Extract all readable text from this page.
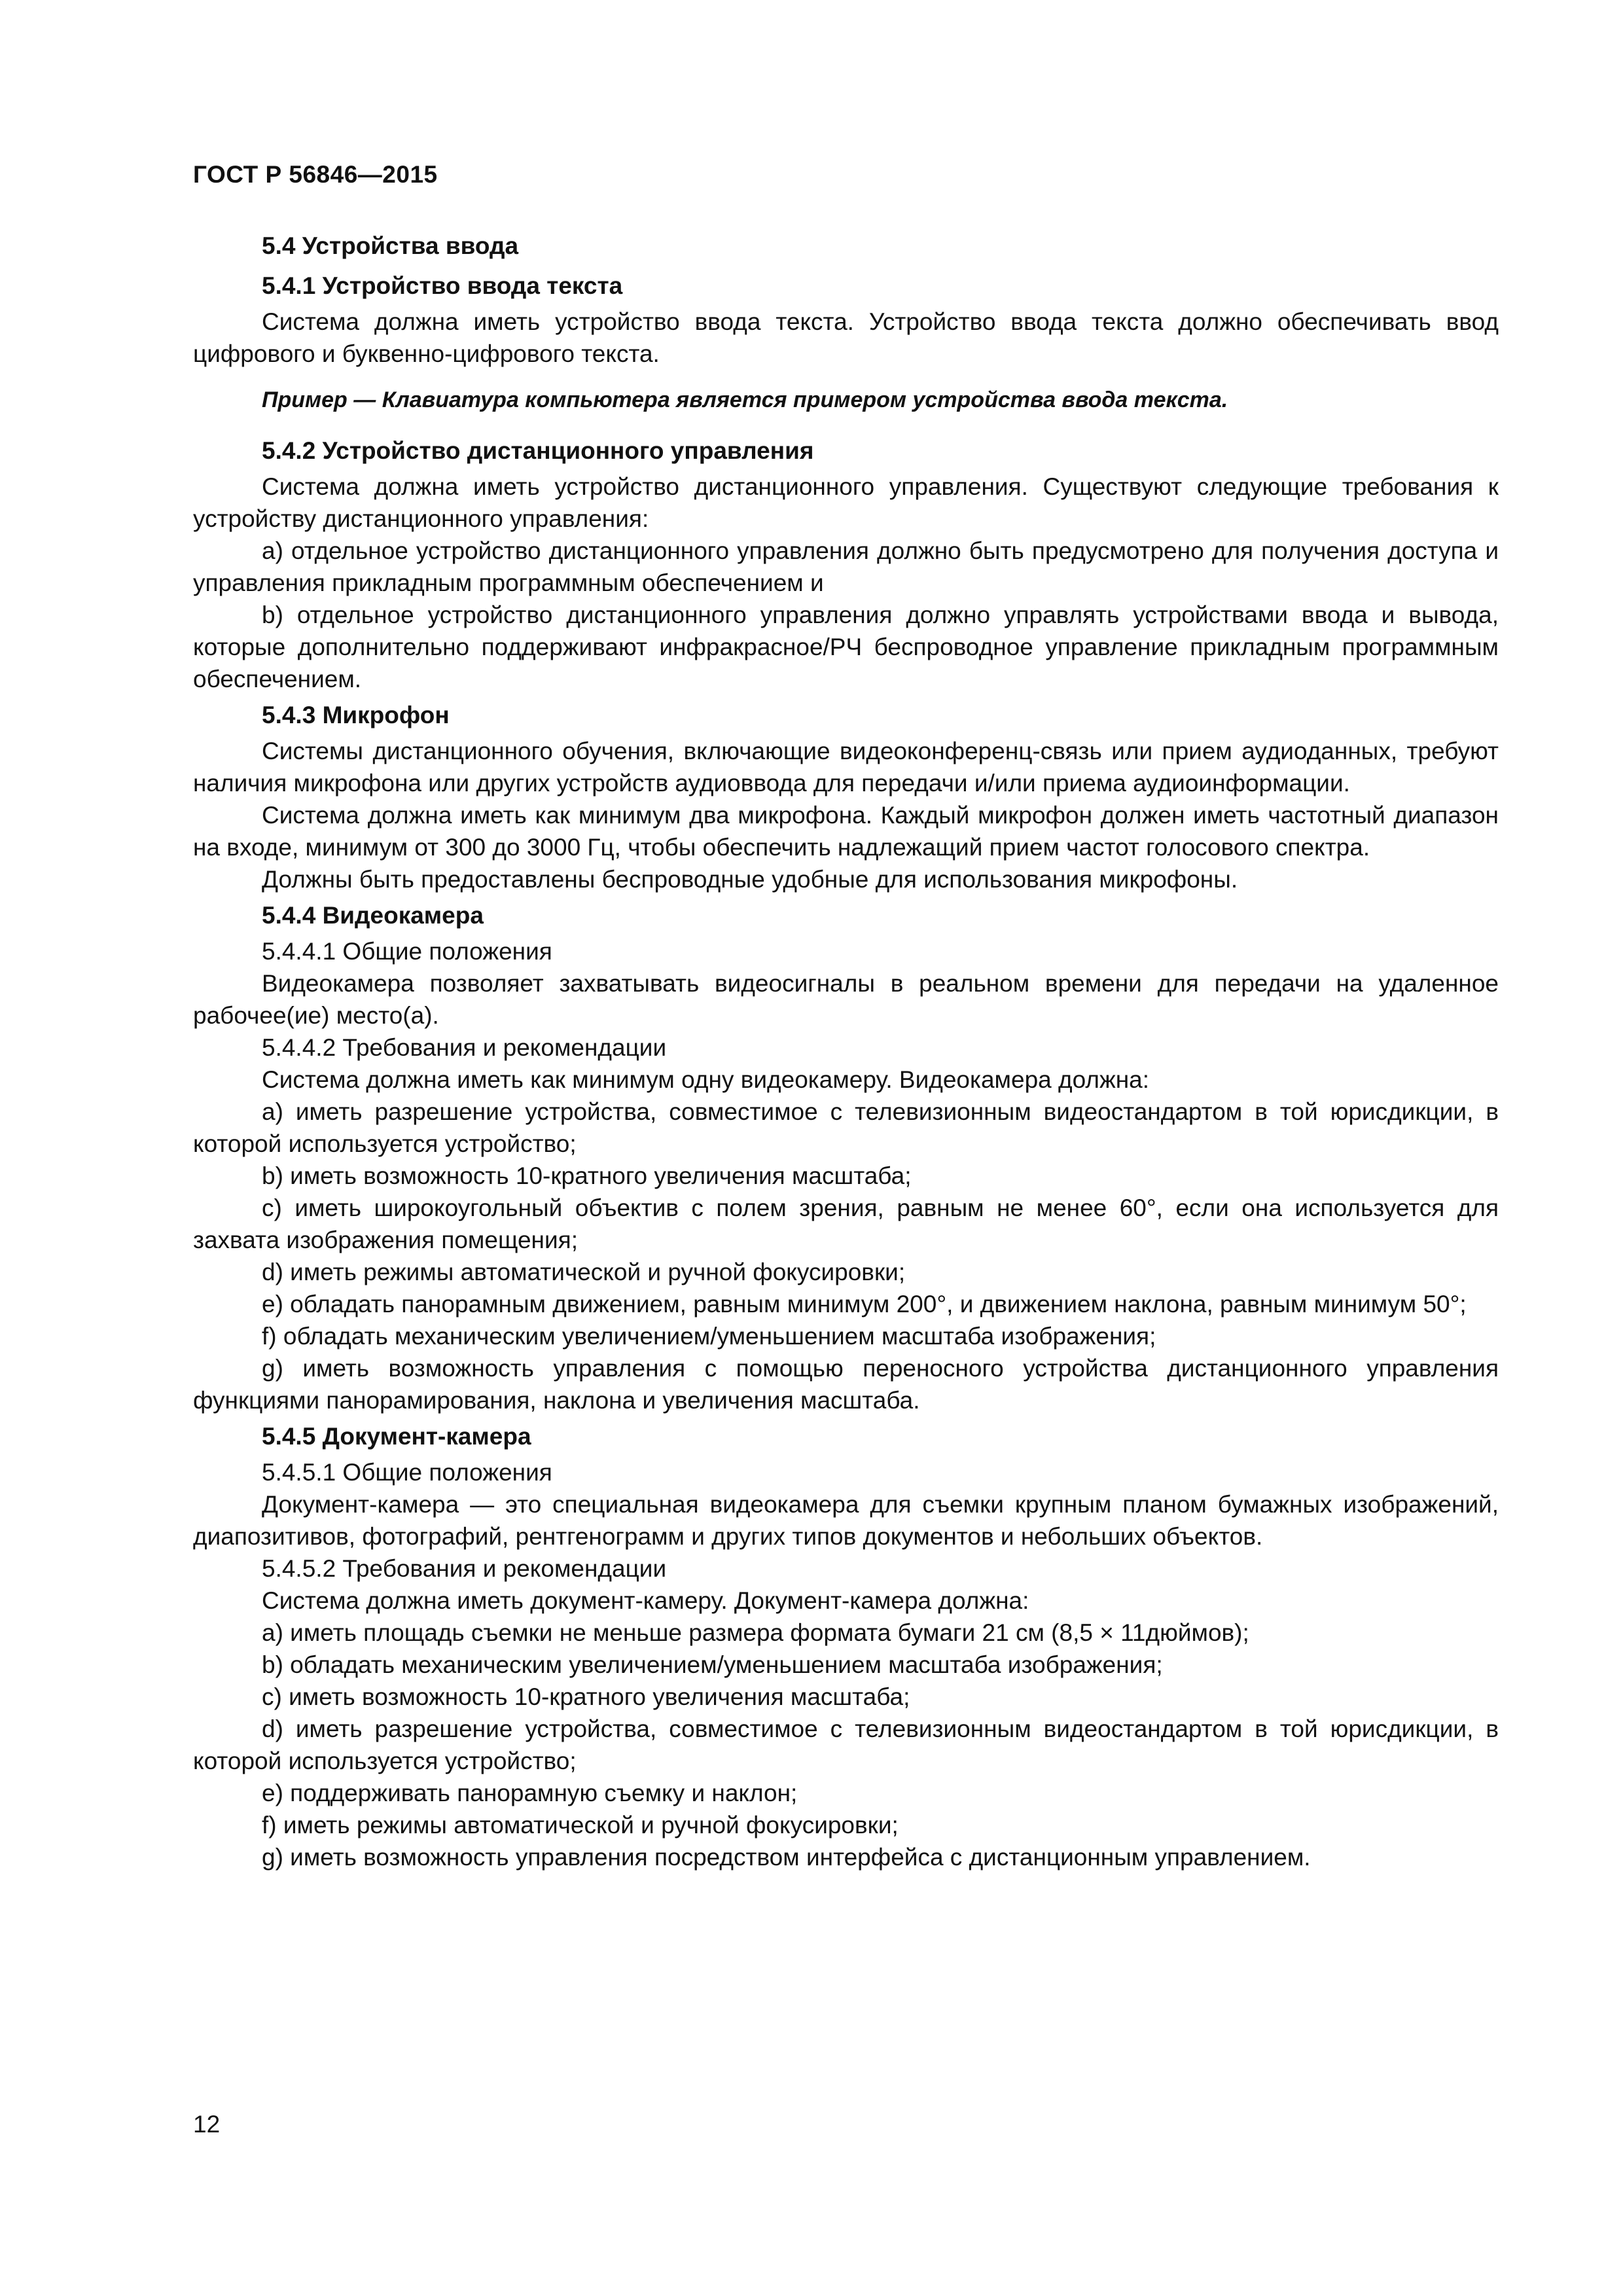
ГОСТ Р 56846—2015

5.4 Устройства ввода

5.4.1 Устройство ввода текста

Система должна иметь устройство ввода текста. Устройство ввода текста должно обеспечивать ввод цифрового и буквенно-цифрового текста.

Пример — Клавиатура компьютера является примером устройства ввода текста.

5.4.2 Устройство дистанционного управления

Система должна иметь устройство дистанционного управления. Существуют следующие требования к устройству дистанционного управления:

a) отдельное устройство дистанционного управления должно быть предусмотрено для получения доступа и управления прикладным программным обеспечением и

b) отдельное устройство дистанционного управления должно управлять устройствами ввода и вывода, которые дополнительно поддерживают инфракрасное/РЧ беспроводное управление прикладным программным обеспечением.

5.4.3 Микрофон

Системы дистанционного обучения, включающие видеоконференц-связь или прием аудиоданных, требуют наличия микрофона или других устройств аудиоввода для передачи и/или приема аудиоинформации.

Система должна иметь как минимум два микрофона. Каждый микрофон должен иметь частотный диапазон на входе, минимум от 300 до 3000 Гц, чтобы обеспечить надлежащий прием частот голосового спектра.

Должны быть предоставлены беспроводные удобные для использования микрофоны.

5.4.4 Видеокамера

5.4.4.1 Общие положения

Видеокамера позволяет захватывать видеосигналы в реальном времени для передачи на удаленное рабочее(ие) место(а).

5.4.4.2 Требования и рекомендации

Система должна иметь как минимум одну видеокамеру. Видеокамера должна:

a) иметь разрешение устройства, совместимое с телевизионным видеостандартом в той юрисдикции, в которой используется устройство;

b) иметь возможность 10-кратного увеличения масштаба;

c) иметь широкоугольный объектив с полем зрения, равным не менее 60°, если она используется для захвата изображения помещения;

d) иметь режимы автоматической и ручной фокусировки;

e) обладать панорамным движением, равным минимум 200°, и движением наклона, равным минимум 50°;

f) обладать механическим увеличением/уменьшением масштаба изображения;

g) иметь возможность управления с помощью переносного устройства дистанционного управления функциями панорамирования, наклона и увеличения масштаба.

5.4.5 Документ-камера

5.4.5.1 Общие положения

Документ-камера — это специальная видеокамера для съемки крупным планом бумажных изображений, диапозитивов, фотографий, рентгенограмм и других типов документов и небольших объектов.

5.4.5.2 Требования и рекомендации

Система должна иметь документ-камеру. Документ-камера должна:

a) иметь площадь съемки не меньше размера формата бумаги 21 см (8,5 × 11дюймов);

b) обладать механическим увеличением/уменьшением масштаба изображения;

c) иметь возможность 10-кратного увеличения масштаба;

d) иметь разрешение устройства, совместимое с телевизионным видеостандартом в той юрисдикции, в которой используется устройство;

e) поддерживать панорамную съемку и наклон;

f) иметь режимы автоматической и ручной фокусировки;

g) иметь возможность управления посредством интерфейса с дистанционным управлением.

12
